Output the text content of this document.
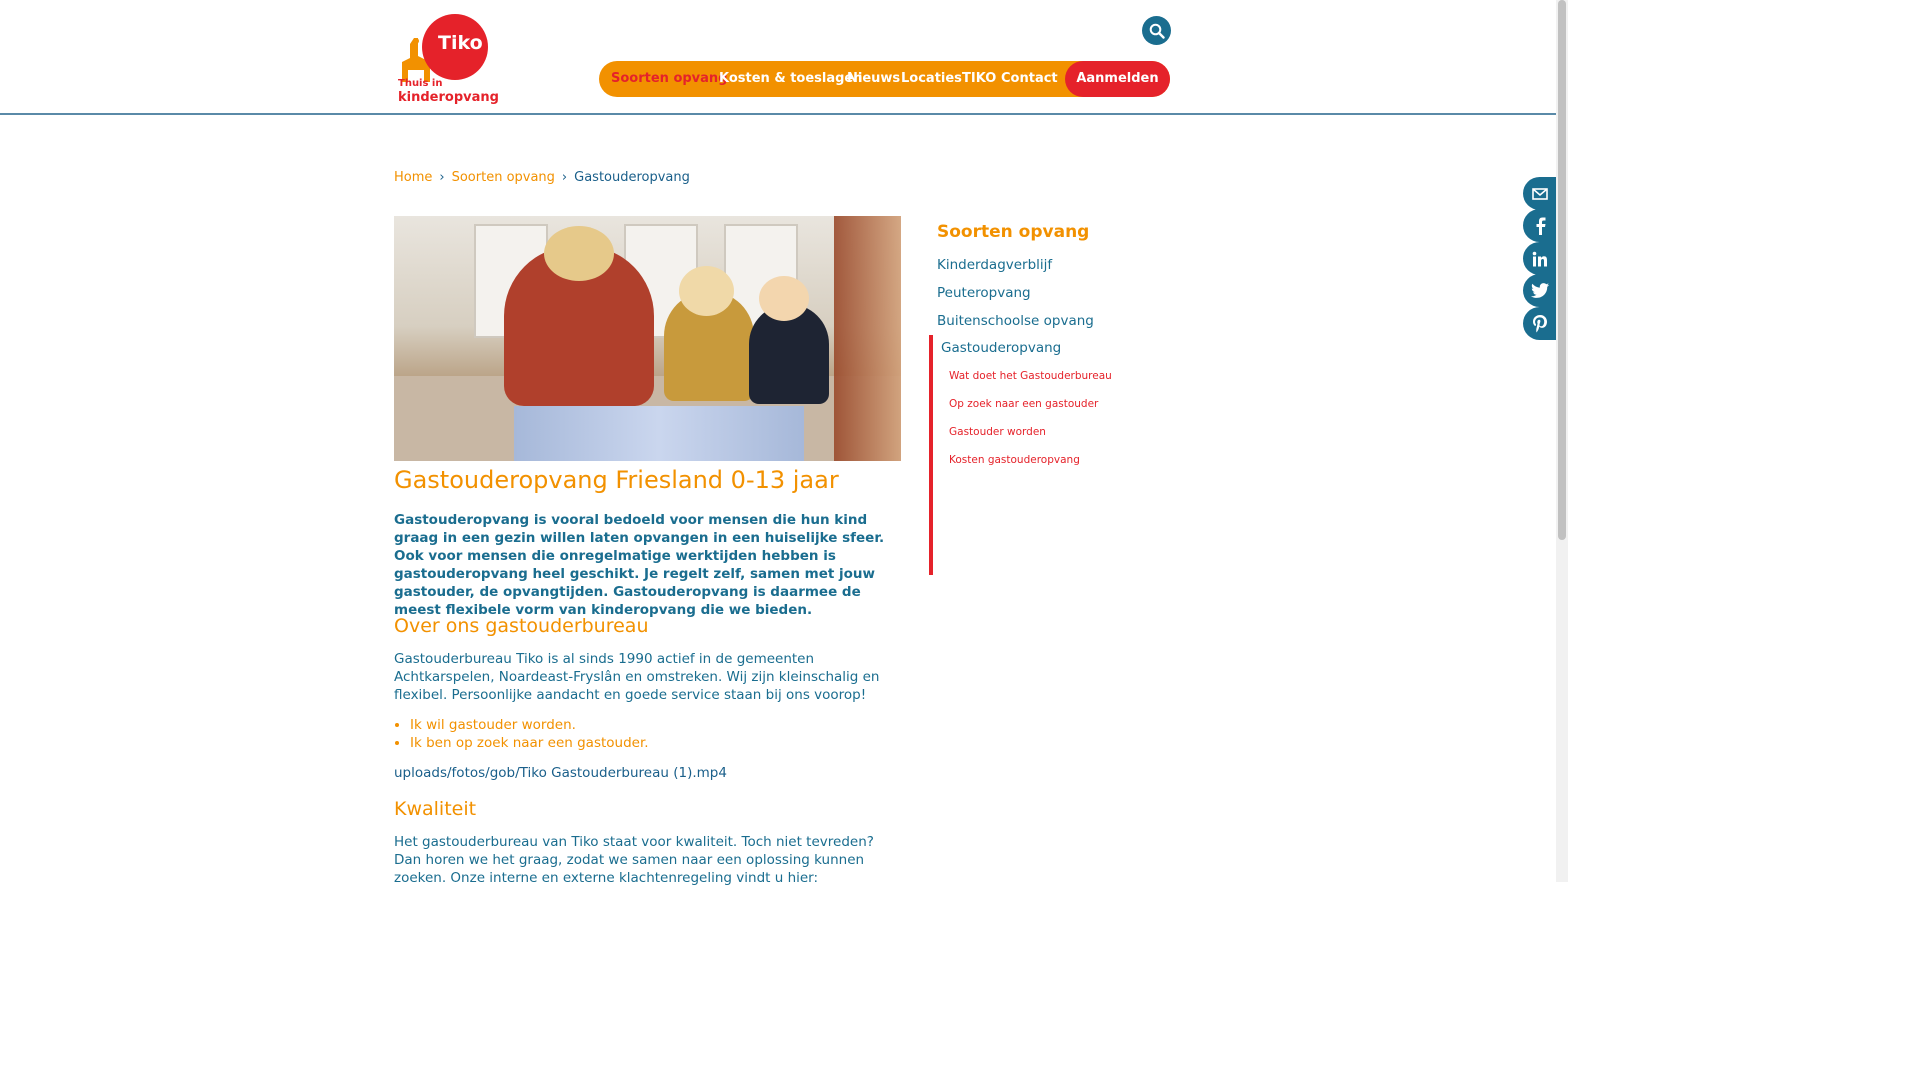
Tiko
Thuis in
kinderopvang
Soorten opvang
Kosten & toeslagen
Nieuws Locaties TIKO Contact	Aanmelden
Home › Soorten opvang › Gastouderopvang
Gastouderopvang Friesland 0-13 jaar

Gastouderopvang is vooral bedoeld voor mensen die hun kind graag in een gezin willen laten opvangen in een huiselijke sfeer. Ook voor mensen die onregelmatige werktijden hebben is gastouderopvang heel geschikt. Je regelt zelf, samen met jouw gastouder, de opvangtijden. Gastouderopvang is daarmee de meest flexibele vorm van kinderopvang die we bieden.

Over ons gastouderbureau

Gastouderbureau Tiko is al sinds 1990 actief in de gemeenten Achtkarspelen, Noardeast-Fryslân en omstreken. Wij zijn kleinschalig en flexibel. Persoonlijke aandacht en goede service staan bij ons voorop!

• Ik wil gastouder worden.
• Ik ben op zoek naar een gastouder.
uploads/fotos/gob/Tiko Gastouderbureau (1).mp4
Kwaliteit

Het gastouderbureau van Tiko staat voor kwaliteit. Toch niet tevreden? Dan horen we het graag, zodat we samen naar een oplossing kunnen zoeken. Onze interne en externe klachtenregeling vindt u hier:

Soorten opvang
Kinderdagverblijf
Peuteropvang
Buitenschoolse opvang
Gastouderopvang
Wat doet het Gastouderbureau
Op zoek naar een gastouder
Gastouder worden
Kosten gastouderopvang
